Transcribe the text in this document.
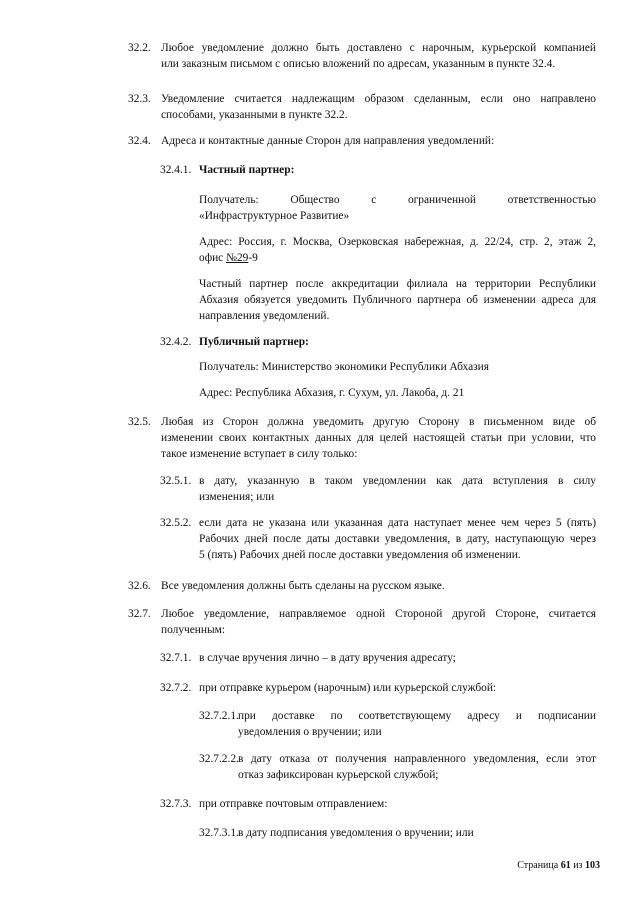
32.2. Любое уведомление должно быть доставлено с нарочным, курьерской компанией
или заказным письмом с описью вложений по адресам, указанным в пункте 32.4.
32.3. Уведомление считается надлежащим образом сделанным, если оно направлено
способами, указанными в пункте 32.2.
32.4. Адреса и контактные данные Сторон для направления уведомлений:
32.4.1. Частный партнер:
Получатель: Общество с ограниченной ответственностью
«Инфраструктурное Развитие»
Адрес: Россия, г. Москва, Озерковская набережная, д. 22/24, стр. 2, этаж 2,
офис №29-9
Частный партнер после аккредитации филиала на территории Республики
Абхазия обязуется уведомить Публичного партнера об изменении адреса для
направления уведомлений.
32.4.2. Публичный партнер:
Получатель: Министерство экономики Республики Абхазия
Адрес: Республика Абхазия, г. Сухум, ул. Лакоба, д. 21
32.5. Любая из Сторон должна уведомить другую Сторону в письменном виде об
изменении своих контактных данных для целей настоящей статьи при условии, что
такое изменение вступает в силу только:
32.5.1. в дату, указанную в таком уведомлении как дата вступления в силу
изменения; или
32.5.2. если дата не указана или указанная дата наступает менее чем через 5 (пять)
Рабочих дней после даты доставки уведомления, в дату, наступающую через
5 (пять) Рабочих дней после доставки уведомления об изменении.
32.6. Все уведомления должны быть сделаны на русском языке.
32.7. Любое уведомление, направляемое одной Стороной другой Стороне, считается
полученным:
32.7.1. в случае вручения лично – в дату вручения адресату;
32.7.2. при отправке курьером (нарочным) или курьерской службой:
32.7.2.1. при доставке по соответствующему адресу и подписании
уведомления о вручении; или
32.7.2.2. в дату отказа от получения направленного уведомления, если этот
отказ зафиксирован курьерской службой;
32.7.3. при отправке почтовым отправлением:
32.7.3.1. в дату подписания уведомления о вручении; или
Страница 61 из 103
